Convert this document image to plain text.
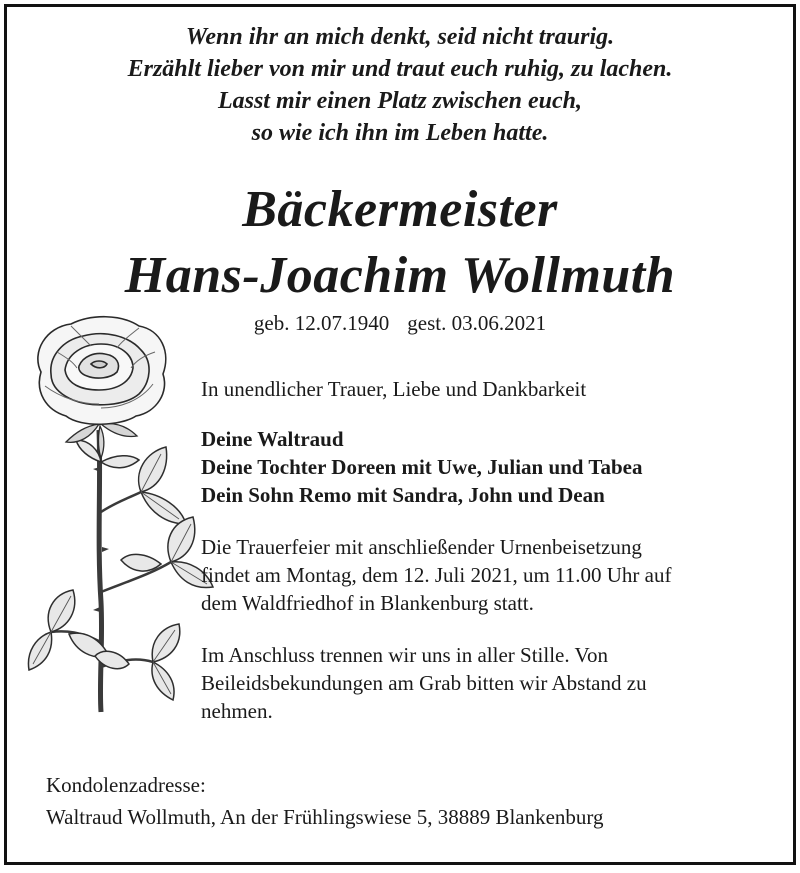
Wenn ihr an mich denkt, seid nicht traurig.
Erzählt lieber von mir und traut euch ruhig, zu lachen.
Lasst mir einen Platz zwischen euch,
so wie ich ihn im Leben hatte.
Bäckermeister
Hans-Joachim Wollmuth
geb. 12.07.1940 gest. 03.06.2021
In unendlicher Trauer, Liebe und Dankbarkeit
Deine Waltraud
Deine Tochter Doreen mit Uwe, Julian und Tabea
Dein Sohn Remo mit Sandra, John und Dean
Die Trauerfeier mit anschließender Urnenbeisetzung
findet am Montag, dem 12. Juli 2021, um 11.00 Uhr auf
dem Waldfriedhof in Blankenburg statt.
Im Anschluss trennen wir uns in aller Stille. Von
Beileidsbekundungen am Grab bitten wir Abstand zu
nehmen.
Kondolenzadresse:
Waltraud Wollmuth, An der Frühlingswiese 5, 38889 Blankenburg
